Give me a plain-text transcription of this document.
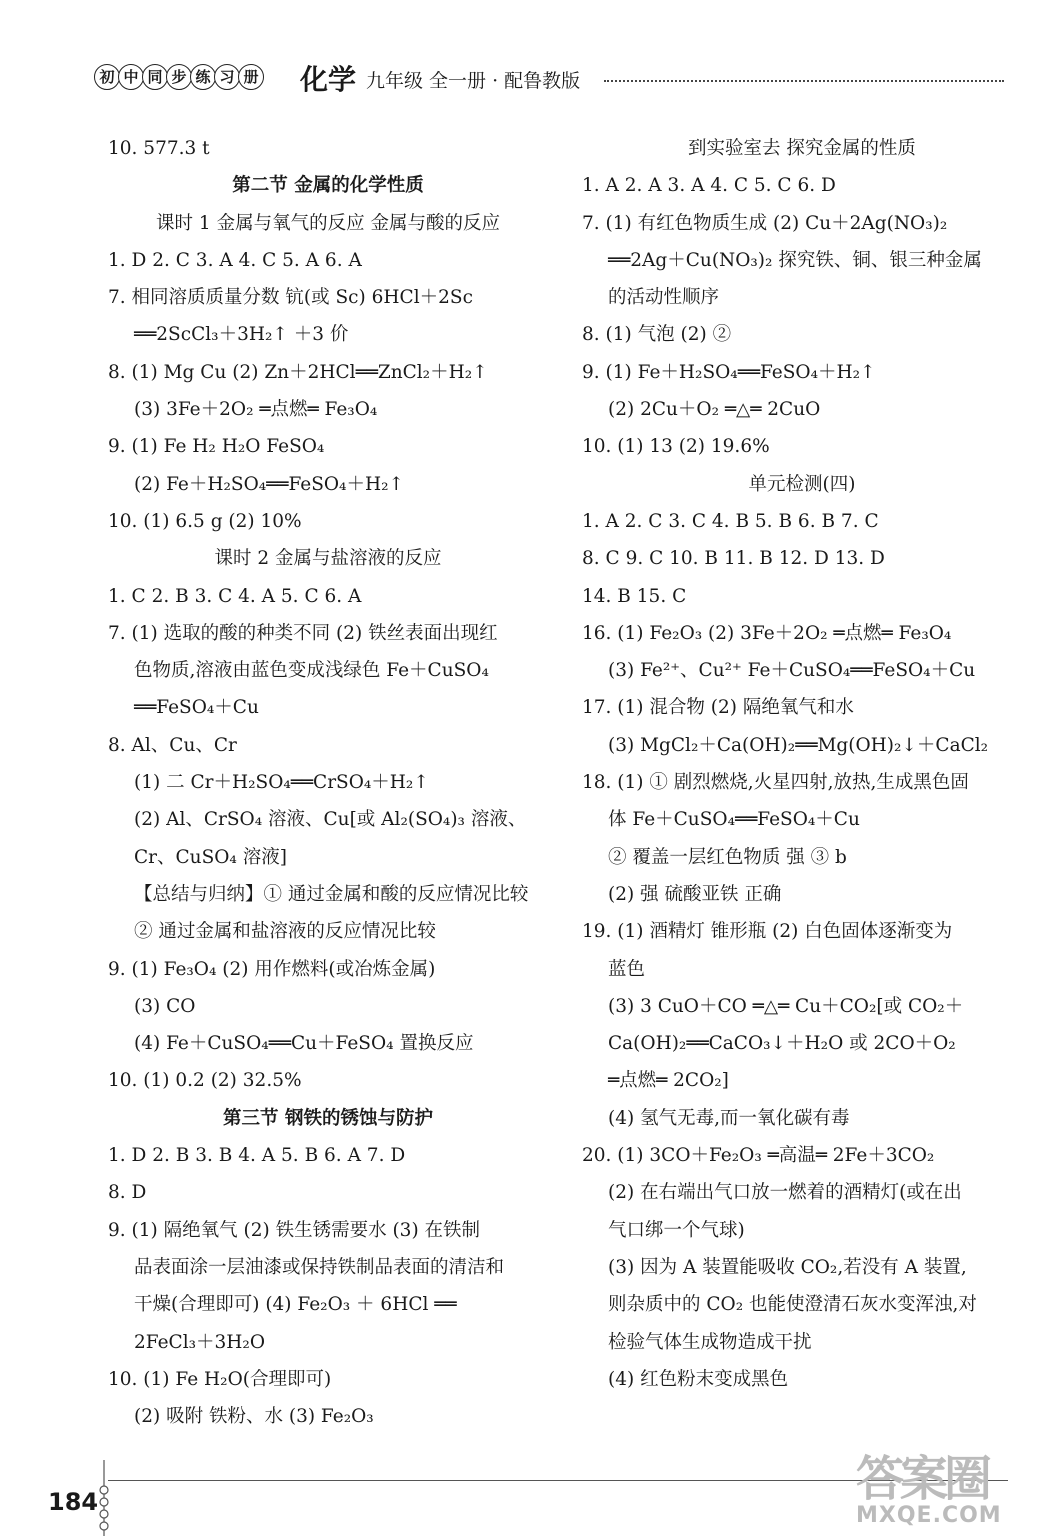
初 中 同 步 练 习 册 化学 九年级 全一册 · 配鲁教版
10. 577.3 t
第二节 金属的化学性质
课时 1 金属与氧气的反应 金属与酸的反应
1. D 2. C 3. A 4. C 5. A 6. A
7. 相同溶质质量分数 钪(或 Sc) 6HCl＋2Sc
══2ScCl₃＋3H₂↑ ＋3 价
8. (1) Mg Cu (2) Zn＋2HCl══ZnCl₂＋H₂↑
(3) 3Fe＋2O₂ ═点燃═ Fe₃O₄
9. (1) Fe H₂ H₂O FeSO₄
(2) Fe＋H₂SO₄══FeSO₄＋H₂↑
10. (1) 6.5 g (2) 10%
课时 2 金属与盐溶液的反应
1. C 2. B 3. C 4. A 5. C 6. A
7. (1) 选取的酸的种类不同 (2) 铁丝表面出现红
色物质,溶液由蓝色变成浅绿色 Fe＋CuSO₄
══FeSO₄＋Cu
8. Al、Cu、Cr
(1) 二 Cr＋H₂SO₄══CrSO₄＋H₂↑
(2) Al、CrSO₄ 溶液、Cu[或 Al₂(SO₄)₃ 溶液、
Cr、CuSO₄ 溶液]
【总结与归纳】① 通过金属和酸的反应情况比较
② 通过金属和盐溶液的反应情况比较
9. (1) Fe₃O₄ (2) 用作燃料(或冶炼金属)
(3) CO
(4) Fe＋CuSO₄══Cu＋FeSO₄ 置换反应
10. (1) 0.2 (2) 32.5%
第三节 钢铁的锈蚀与防护
1. D 2. B 3. B 4. A 5. B 6. A 7. D
8. D
9. (1) 隔绝氧气 (2) 铁生锈需要水 (3) 在铁制
品表面涂一层油漆或保持铁制品表面的清洁和
干燥(合理即可) (4) Fe₂O₃ ＋ 6HCl ══
2FeCl₃＋3H₂O
10. (1) Fe H₂O(合理即可)
(2) 吸附 铁粉、水 (3) Fe₂O₃
到实验室去 探究金属的性质
1. A 2. A 3. A 4. C 5. C 6. D
7. (1) 有红色物质生成 (2) Cu＋2Ag(NO₃)₂
══2Ag＋Cu(NO₃)₂ 探究铁、铜、银三种金属
的活动性顺序
8. (1) 气泡 (2) ②
9. (1) Fe＋H₂SO₄══FeSO₄＋H₂↑
(2) 2Cu＋O₂ ═△═ 2CuO
10. (1) 13 (2) 19.6%
单元检测(四)
1. A 2. C 3. C 4. B 5. B 6. B 7. C
8. C 9. C 10. B 11. B 12. D 13. D
14. B 15. C
16. (1) Fe₂O₃ (2) 3Fe＋2O₂ ═点燃═ Fe₃O₄
(3) Fe²⁺、Cu²⁺ Fe＋CuSO₄══FeSO₄＋Cu
17. (1) 混合物 (2) 隔绝氧气和水
(3) MgCl₂＋Ca(OH)₂══Mg(OH)₂↓＋CaCl₂
18. (1) ① 剧烈燃烧,火星四射,放热,生成黑色固
体 Fe＋CuSO₄══FeSO₄＋Cu
② 覆盖一层红色物质 强 ③ b
(2) 强 硫酸亚铁 正确
19. (1) 酒精灯 锥形瓶 (2) 白色固体逐渐变为
蓝色
(3) 3 CuO＋CO ═△═ Cu＋CO₂[或 CO₂＋
Ca(OH)₂══CaCO₃↓＋H₂O 或 2CO＋O₂
═点燃═ 2CO₂]
(4) 氢气无毒,而一氧化碳有毒
20. (1) 3CO＋Fe₂O₃ ═高温═ 2Fe＋3CO₂
(2) 在右端出气口放一燃着的酒精灯(或在出
气口绑一个气球)
(3) 因为 A 装置能吸收 CO₂,若没有 A 装置,
则杂质中的 CO₂ 也能使澄清石灰水变浑浊,对
检验气体生成物造成干扰
(4) 红色粉末变成黑色
184	答案圈
MXQE.COM
